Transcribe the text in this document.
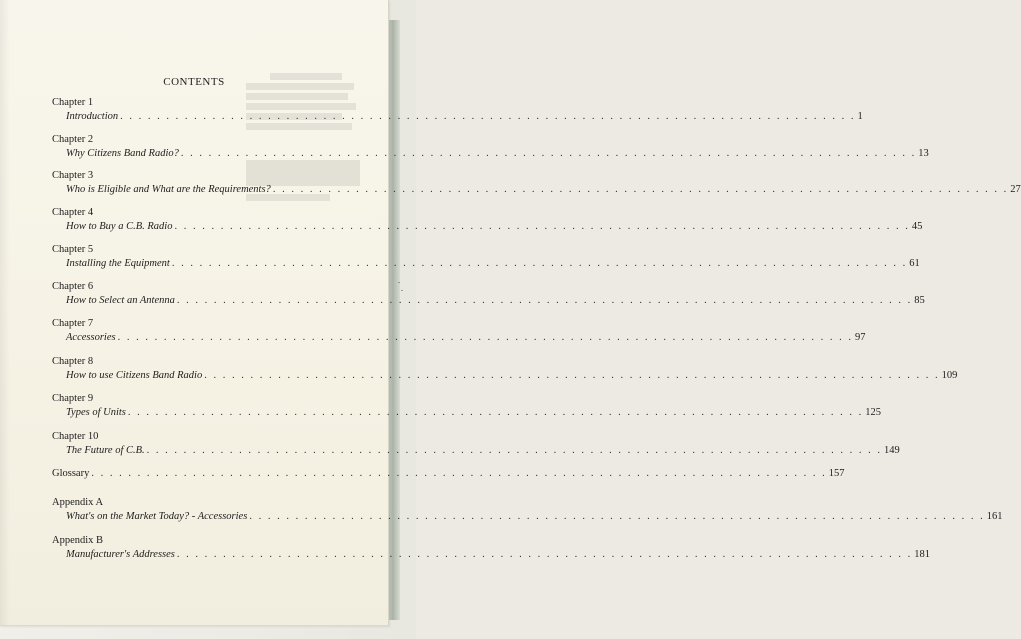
CONTENTS
Chapter 1
Introduction . . . . . . . . . . . . . . . . . . . . . . . . . . . . . . . . . . . . . . . . . . . . . . . . . . . . . . . . . . . . . . . . . . . . . . . . . . . . . . . . 1
Chapter 2
Why Citizens Band Radio? . . . . . . . . . . . . . . . . . . . . . . . . . . . . . . . . . . . . . . . . . . . . . . . . . . . . . . . . . . . . . . . . . . . . . . . . . . . . . . . . 13
Chapter 3
Who is Eligible and What are the Requirements? . . . . . . . . . . . . . . . . . . . . . . . . . . . . . . . . . . . . . . . . . . . . . . . . . . . . . . . . . . . . . . . . . . . . . . . . . . . . . . . . 27
Chapter 4
How to Buy a C.B. Radio . . . . . . . . . . . . . . . . . . . . . . . . . . . . . . . . . . . . . . . . . . . . . . . . . . . . . . . . . . . . . . . . . . . . . . . . . . . . . . . . 45
Chapter 5
Installing the Equipment . . . . . . . . . . . . . . . . . . . . . . . . . . . . . . . . . . . . . . . . . . . . . . . . . . . . . . . . . . . . . . . . . . . . . . . . . . . . . . . . 61
Chapter 6
How to Select an Antenna . . . . . . . . . . . . . . . . . . . . . . . . . . . . . . . . . . . . . . . . . . . . . . . . . . . . . . . . . . . . . . . . . . . . . . . . . . . . . . . . 85
Chapter 7
Accessories . . . . . . . . . . . . . . . . . . . . . . . . . . . . . . . . . . . . . . . . . . . . . . . . . . . . . . . . . . . . . . . . . . . . . . . . . . . . . . . . 97
Chapter 8
How to use Citizens Band Radio . . . . . . . . . . . . . . . . . . . . . . . . . . . . . . . . . . . . . . . . . . . . . . . . . . . . . . . . . . . . . . . . . . . . . . . . . . . . . . . . 109
Chapter 9
Types of Units . . . . . . . . . . . . . . . . . . . . . . . . . . . . . . . . . . . . . . . . . . . . . . . . . . . . . . . . . . . . . . . . . . . . . . . . . . . . . . . . 125
Chapter 10
The Future of C.B. . . . . . . . . . . . . . . . . . . . . . . . . . . . . . . . . . . . . . . . . . . . . . . . . . . . . . . . . . . . . . . . . . . . . . . . . . . . . . . . . 149
Glossary . . . . . . . . . . . . . . . . . . . . . . . . . . . . . . . . . . . . . . . . . . . . . . . . . . . . . . . . . . . . . . . . . . . . . . . . . . . . . . . . 157
Appendix A
What's on the Market Today? - Accessories . . . . . . . . . . . . . . . . . . . . . . . . . . . . . . . . . . . . . . . . . . . . . . . . . . . . . . . . . . . . . . . . . . . . . . . . . . . . . . . . 161
Appendix B
Manufacturer's Addresses . . . . . . . . . . . . . . . . . . . . . . . . . . . . . . . . . . . . . . . . . . . . . . . . . . . . . . . . . . . . . . . . . . . . . . . . . . . . . . . . 181
